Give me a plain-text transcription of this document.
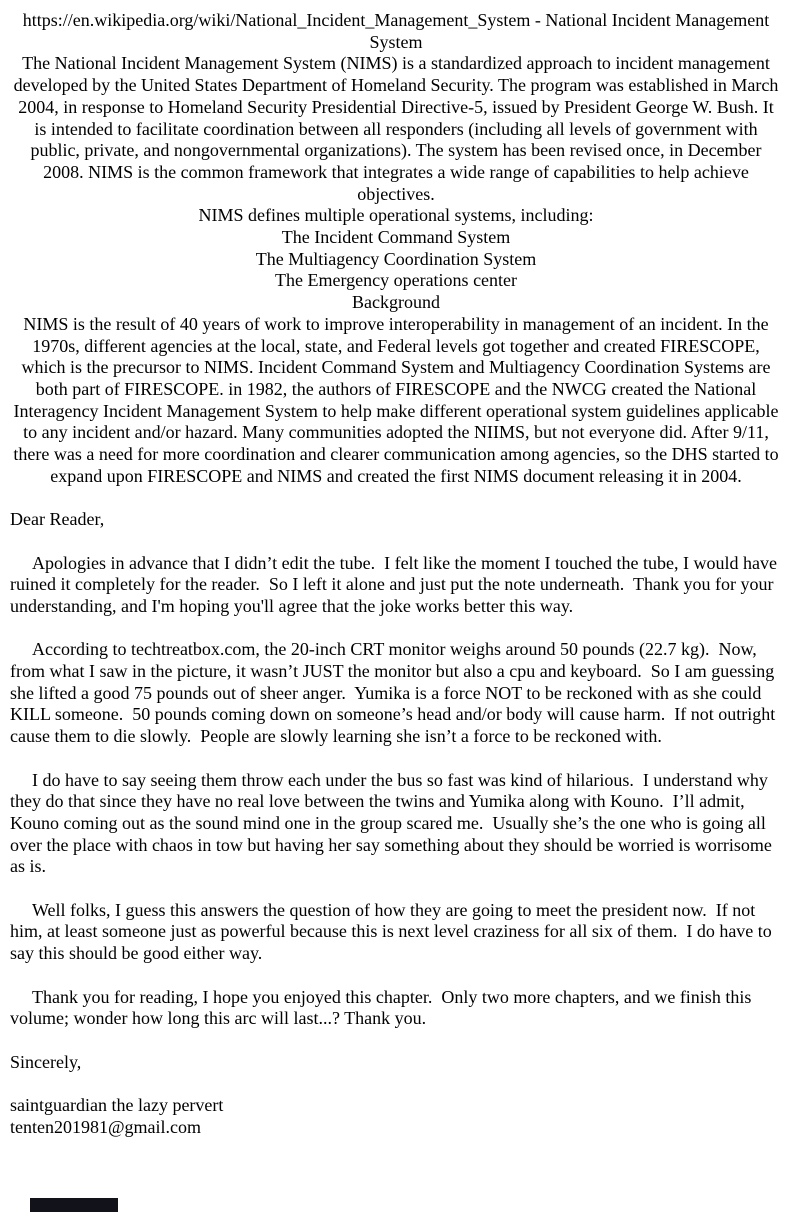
https://en.wikipedia.org/wiki/National_Incident_Management_System - National Incident Management System

The National Incident Management System (NIMS) is a standardized approach to incident management developed by the United States Department of Homeland Security. The program was established in March 2004, in response to Homeland Security Presidential Directive-5, issued by President George W. Bush. It is intended to facilitate coordination between all responders (including all levels of government with public, private, and nongovernmental organizations). The system has been revised once, in December 2008. NIMS is the common framework that integrates a wide range of capabilities to help achieve objectives.

NIMS defines multiple operational systems, including:

The Incident Command System

The Multiagency Coordination System

The Emergency operations center

Background

NIMS is the result of 40 years of work to improve interoperability in management of an incident. In the 1970s, different agencies at the local, state, and Federal levels got together and created FIRESCOPE, which is the precursor to NIMS. Incident Command System and Multiagency Coordination Systems are both part of FIRESCOPE. in 1982, the authors of FIRESCOPE and the NWCG created the National Interagency Incident Management System to help make different operational system guidelines applicable to any incident and/or hazard. Many communities adopted the NIIMS, but not everyone did. After 9/11, there was a need for more coordination and clearer communication among agencies, so the DHS started to expand upon FIRESCOPE and NIMS and created the first NIMS document releasing it in 2004.

Dear Reader,

Apologies in advance that I didn’t edit the tube.  I felt like the moment I touched the tube, I would have ruined it completely for the reader.  So I left it alone and just put the note underneath.  Thank you for your understanding, and I'm hoping you'll agree that the joke works better this way.

According to techtreatbox.com, the 20-inch CRT monitor weighs around 50 pounds (22.7 kg).  Now, from what I saw in the picture, it wasn’t JUST the monitor but also a cpu and keyboard.  So I am guessing she lifted a good 75 pounds out of sheer anger.  Yumika is a force NOT to be reckoned with as she could KILL someone.  50 pounds coming down on someone’s head and/or body will cause harm.  If not outright cause them to die slowly.  People are slowly learning she isn’t a force to be reckoned with.

I do have to say seeing them throw each under the bus so fast was kind of hilarious.  I understand why they do that since they have no real love between the twins and Yumika along with Kouno.  I’ll admit, Kouno coming out as the sound mind one in the group scared me.  Usually she’s the one who is going all over the place with chaos in tow but having her say something about they should be worried is worrisome as is.

Well folks, I guess this answers the question of how they are going to meet the president now.  If not him, at least someone just as powerful because this is next level craziness for all six of them.  I do have to say this should be good either way.

Thank you for reading, I hope you enjoyed this chapter.  Only two more chapters, and we finish this volume; wonder how long this arc will last...? Thank you.

Sincerely,

saintguardian the lazy pervert

tenten201981@gmail.com
